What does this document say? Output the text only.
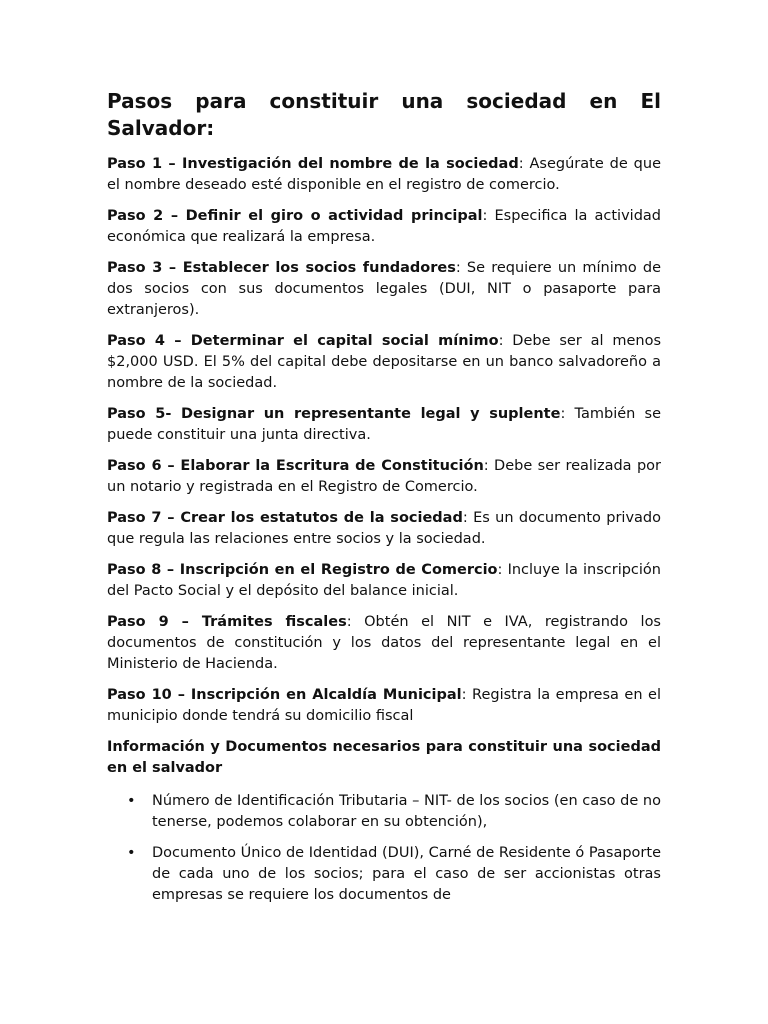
Pasos para constituir una sociedad en El Salvador:

Paso 1 – Investigación del nombre de la sociedad: Asegúrate de que el nombre deseado esté disponible en el registro de comercio.

Paso 2 – Definir el giro o actividad principal: Especifica la actividad económica que realizará la empresa.

Paso 3 – Establecer los socios fundadores: Se requiere un mínimo de dos socios con sus documentos legales (DUI, NIT o pasaporte para extranjeros).

Paso 4 – Determinar el capital social mínimo: Debe ser al menos $2,000 USD. El 5% del capital debe depositarse en un banco salvadoreño a nombre de la sociedad.

Paso 5- Designar un representante legal y suplente: También se puede constituir una junta directiva.

Paso 6 – Elaborar la Escritura de Constitución: Debe ser realizada por un notario y registrada en el Registro de Comercio.

Paso 7 – Crear los estatutos de la sociedad: Es un documento privado que regula las relaciones entre socios y la sociedad.

Paso 8 – Inscripción en el Registro de Comercio: Incluye la inscripción del Pacto Social y el depósito del balance inicial.

Paso 9 – Trámites fiscales: Obtén el NIT e IVA, registrando los documentos de constitución y los datos del representante legal en el Ministerio de Hacienda.

Paso 10 – Inscripción en Alcaldía Municipal: Registra la empresa en el municipio donde tendrá su domicilio fiscal

Información y Documentos necesarios para constituir una sociedad en el salvador

• Número de Identificación Tributaria – NIT- de los socios (en caso de no tenerse, podemos colaborar en su obtención),
• Documento Único de Identidad (DUI), Carné de Residente ó Pasaporte de cada uno de los socios; para el caso de ser accionistas otras empresas se requiere los documentos de
